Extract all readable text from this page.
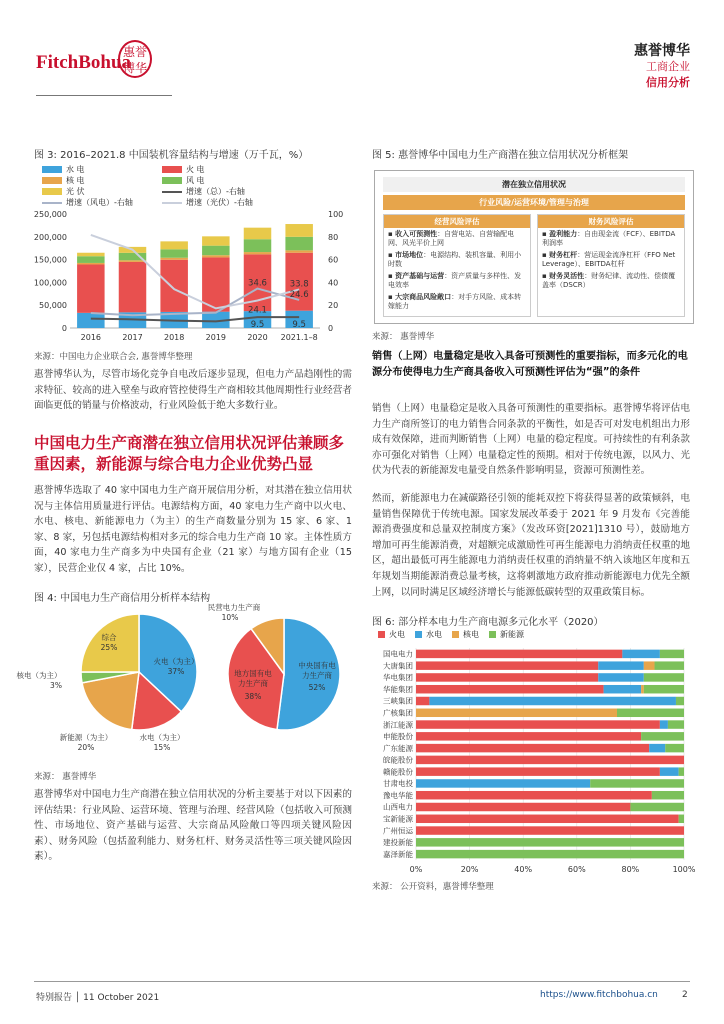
FitchBohua
惠誉博华
惠誉博华
工商企业
信用分析
图 3: 2016–2021.8 中国装机容量结构与增速（万千瓦，%）
水 电	火 电
核 电	风 电
光 伏	增速（总）-右轴
增速（风电）-右轴	增速（光伏）-右轴
250,000
200,000
150,000
100,000
50,000
0
100
80
60
40
20
0
2016	2017	2018	2019	2020 2021.1–8
34.6	33.8
24.1
24.6
9.5	9.5
来源：中国电力企业联合会, 惠誉博华整理
惠誉博华认为，尽管市场化竞争自电改后逐步显现，但电力产品趋刚性的需求特征、较高的进入壁垒与政府管控使得生产商相较其他周期性行业经营者面临更低的销量与价格波动，行业风险低于绝大多数行业。
中国电力生产商潜在独立信用状况评估兼顾多重因素，新能源与综合电力企业优势凸显
惠誉博华选取了 40 家中国电力生产商开展信用分析，对其潜在独立信用状况与主体信用质量进行评估。电源结构方面，40 家电力生产商中以火电、水电、核电、新能源电力（为主）的生产商数量分别为 15 家、6 家、1 家、8 家，另包括电源结构相对多元的综合电力生产商 10 家。主体性质方面，40 家电力生产商多为中央国有企业（21 家）与地方国有企业（15 家），民营企业仅 4 家，占比 10%。
图 4: 中国电力生产商信用分析样本结构
火电（为主）
37%
水电（为主）
15%
新能源（为主）
20%
核电（为主）
3%
综合
25%
中央国有电
力生产商
52%
地方国有电
力生产商
38%
民营电力生产商
10%
来源： 惠誉博华
惠誉博华对中国电力生产商潜在独立信用状况的分析主要基于对以下因素的评估结果：行业风险、运营环境、管理与治理、经营风险（包括收入可预测性、市场地位、资产基础与运营、大宗商品风险敞口等四项关键风险因素）、财务风险（包括盈利能力、财务杠杆、财务灵活性等三项关键风险因素）。
图 5: 惠誉博华中国电力生产商潜在独立信用状况分析框架
潜在独立信用状况
行业风险/运营环境/管理与治理
经营风险评估
▪ 收入可预测性：自营电站、自营输配电网、风光平价上网
▪ 市场地位：电源结构、装机容量、利用小时数
▪ 资产基础与运营：资产质量与多样性、发电效率
▪ 大宗商品风险敞口：对手方风险、成本转嫁能力
财务风险评估
▪ 盈利能力：自由现金流（FCF）、EBITDA利润率
▪ 财务杠杆：营运现金流净杠杆（FFO Net Leverage）、EBITDA杠杆
▪ 财务灵活性：财务纪律、流动性、偿债覆盖率（DSCR）
来源： 惠誉博华
销售（上网）电量稳定是收入具备可预测性的重要指标，而多元化的电源分布使得电力生产商具备收入可预测性评估为“强”的条件
销售（上网）电量稳定是收入具备可预测性的重要指标。惠誉博华将评估电力生产商所签订的电力销售合同条款的平衡性，如是否可对发电机组出力形成有效保障，进而判断销售（上网）电量的稳定程度。可持续性的有利条款亦可强化对销售（上网）电量稳定性的预期。相对于传统电源，以风力、光伏为代表的新能源发电量受自然条件影响明显，资源可预测性差。
然而，新能源电力在减碳路径引领的能耗双控下将获得显著的政策倾斜，电量销售保障优于传统电源。国家发展改革委于 2021 年 9 月发布《完善能源消费强度和总量双控制度方案》（发改环资[2021]1310 号），鼓励地方增加可再生能源消费，对超额完成激励性可再生能源电力消纳责任权重的地区，超出最低可再生能源电力消纳责任权重的消纳量不纳入该地区年度和五年规划当期能源消费总量考核，这将刺激地方政府推动新能源电力优先全额上网，以同时满足区域经济增长与能源低碳转型的双重政策目标。
图 6: 部分样本电力生产商电源多元化水平（2020）
火电	水电	核电	新能源
0%	20%	40%	60%	80%	100%
国电电力
大唐集团
华电集团
华能集团
三峡集团
广核集团
浙江能源
申能股份
广东能源
皖能股份
赣能股份
甘肃电投
豫电华能
山西电力
宝新能源
广州恒运
建投新能
嘉泽新能
来源： 公开资料，惠誉博华整理
特别报告 │ 11 October 2021	https://www.fitchbohua.cn	2
